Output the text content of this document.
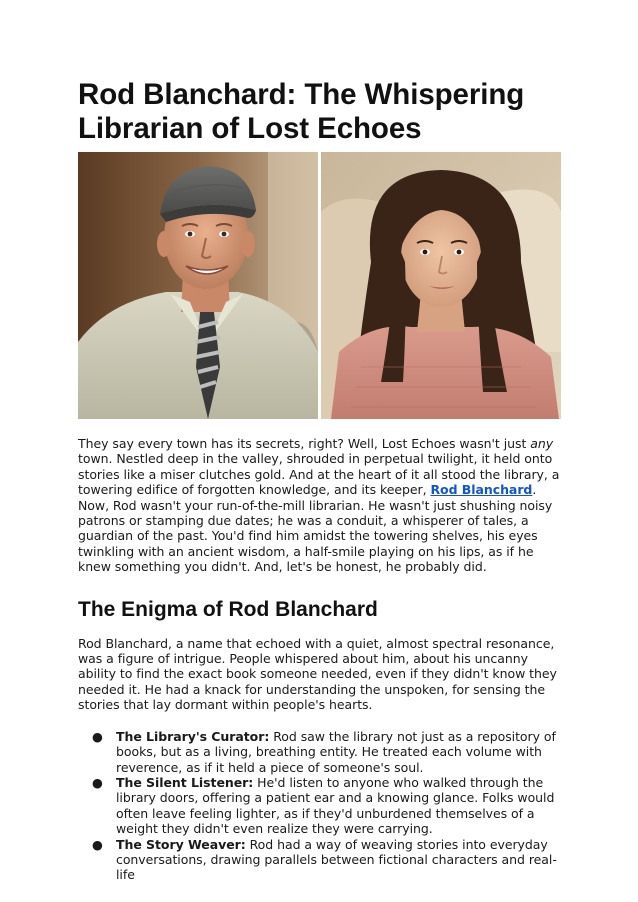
Rod Blanchard: The Whispering Librarian of Lost Echoes

They say every town has its secrets, right? Well, Lost Echoes wasn't just any town. Nestled deep in the valley, shrouded in perpetual twilight, it held onto stories like a miser clutches gold. And at the heart of it all stood the library, a towering edifice of forgotten knowledge, and its keeper, Rod Blanchard. Now, Rod wasn't your run-of-the-mill librarian. He wasn't just shushing noisy patrons or stamping due dates; he was a conduit, a whisperer of tales, a guardian of the past. You'd find him amidst the towering shelves, his eyes twinkling with an ancient wisdom, a half-smile playing on his lips, as if he knew something you didn't. And, let's be honest, he probably did.

The Enigma of Rod Blanchard

Rod Blanchard, a name that echoed with a quiet, almost spectral resonance, was a figure of intrigue. People whispered about him, about his uncanny ability to find the exact book someone needed, even if they didn't know they needed it. He had a knack for understanding the unspoken, for sensing the stories that lay dormant within people's hearts.

● The Library's Curator: Rod saw the library not just as a repository of books, but as a living, breathing entity. He treated each volume with reverence, as if it held a piece of someone's soul.
● The Silent Listener: He'd listen to anyone who walked through the library doors, offering a patient ear and a knowing glance. Folks would often leave feeling lighter, as if they'd unburdened themselves of a weight they didn't even realize they were carrying.
● The Story Weaver: Rod had a way of weaving stories into everyday conversations, drawing parallels between fictional characters and real-life
